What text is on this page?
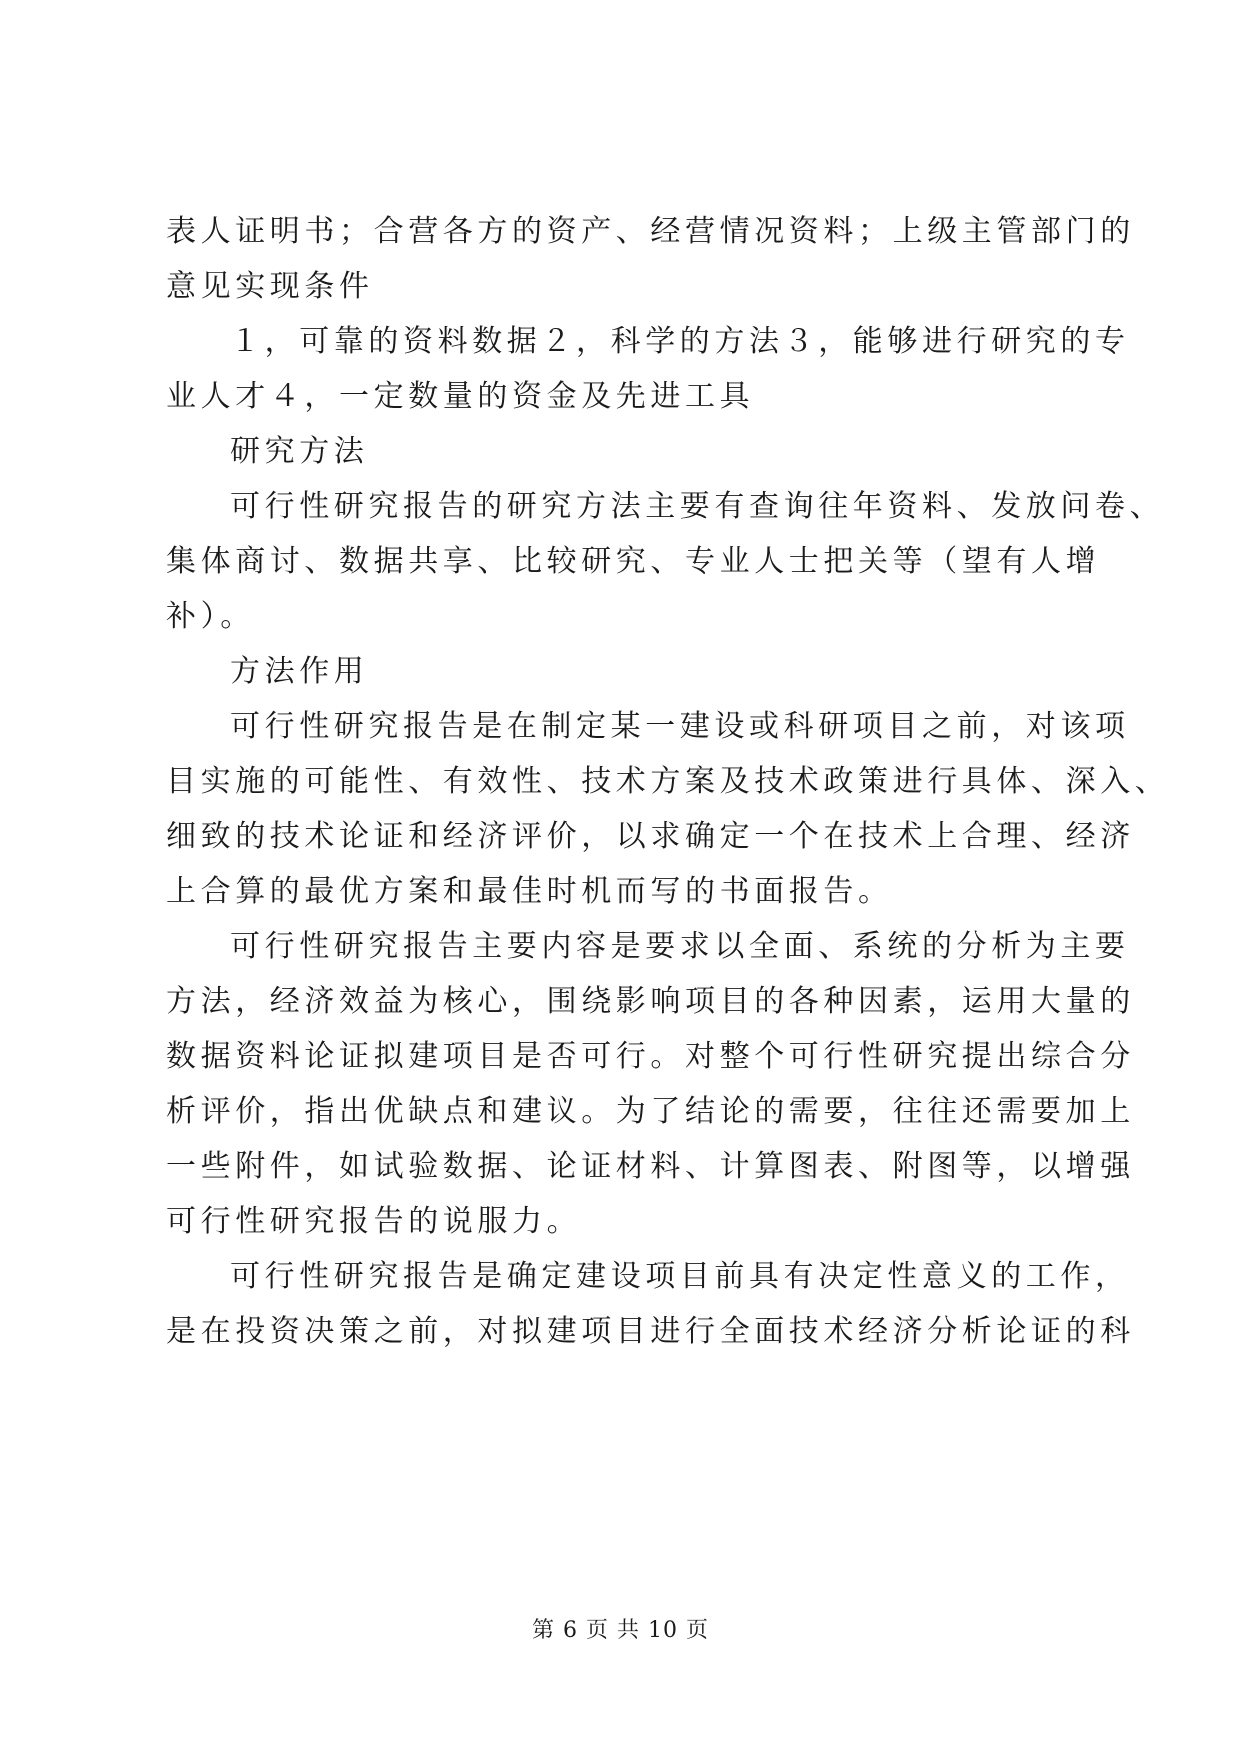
表人证明书；合营各方的资产、经营情况资料；上级主管部门的
意见实现条件
１，可靠的资料数据２，科学的方法３，能够进行研究的专
业人才４，一定数量的资金及先进工具
研究方法
可行性研究报告的研究方法主要有查询往年资料、发放问卷、
集体商讨、数据共享、比较研究、专业人士把关等（望有人增
补）。
方法作用
可行性研究报告是在制定某一建设或科研项目之前，对该项
目实施的可能性、有效性、技术方案及技术政策进行具体、深入、
细致的技术论证和经济评价，以求确定一个在技术上合理、经济
上合算的最优方案和最佳时机而写的书面报告。
可行性研究报告主要内容是要求以全面、系统的分析为主要
方法，经济效益为核心，围绕影响项目的各种因素，运用大量的
数据资料论证拟建项目是否可行。对整个可行性研究提出综合分
析评价，指出优缺点和建议。为了结论的需要，往往还需要加上
一些附件，如试验数据、论证材料、计算图表、附图等，以增强
可行性研究报告的说服力。
可行性研究报告是确定建设项目前具有决定性意义的工作，
是在投资决策之前，对拟建项目进行全面技术经济分析论证的科
第 6 页 共 10 页
